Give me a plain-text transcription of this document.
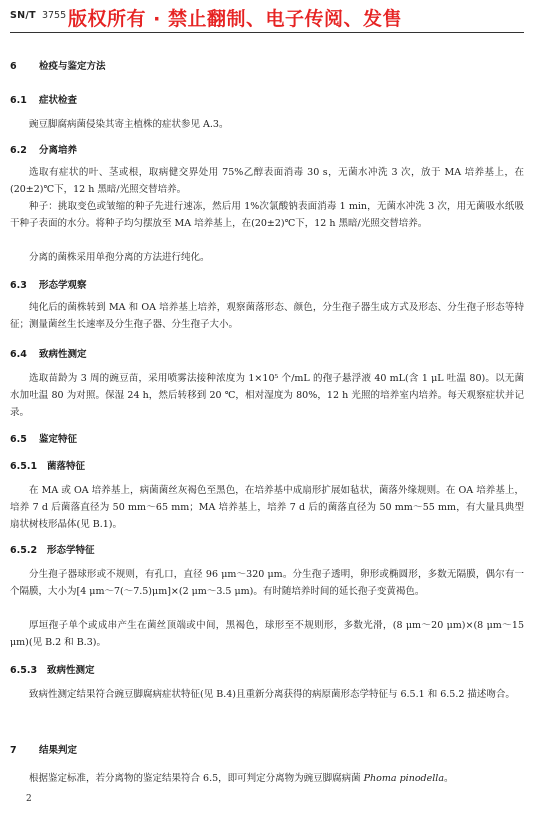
SN/T 3755 版权所有 · 禁止翻制、电子传阅、发售
6 检疫与鉴定方法
6.1 症状检查
豌豆脚腐病菌侵染其寄主植株的症状参见 A.3。
6.2 分离培养
选取有症状的叶、茎或根，取病健交界处用 75%乙醇表面消毒 30 s，无菌水冲洗 3 次，放于 MA 培养基上，在(20±2)℃下，12 h 黑暗/光照交替培养。
种子：挑取变色或皱缩的种子先进行速冻，然后用 1%次氯酸钠表面消毒 1 min，无菌水冲洗 3 次，用无菌吸水纸吸干种子表面的水分。将种子均匀摆放至 MA 培养基上，在(20±2)℃下，12 h 黑暗/光照交替培养。
分离的菌株采用单孢分离的方法进行纯化。
6.3 形态学观察
纯化后的菌株转到 MA 和 OA 培养基上培养，观察菌落形态、颜色，分生孢子器生成方式及形态、分生孢子形态等特征；测量菌丝生长速率及分生孢子器、分生孢子大小。
6.4 致病性测定
选取苗龄为 3 周的豌豆苗，采用喷雾法接种浓度为 1×10⁵ 个/mL 的孢子悬浮液 40 mL(含 1 μL 吐温 80)。以无菌水加吐温 80 为对照。保湿 24 h，然后转移到 20 ℃，相对湿度为 80%，12 h 光照的培养室内培养。每天观察症状并记录。
6.5 鉴定特征
6.5.1 菌落特征
在 MA 或 OA 培养基上，病菌菌丝灰褐色至黑色，在培养基中成扇形扩展如毡状，菌落外缘规则。在 OA 培养基上，培养 7 d 后菌落直径为 50 mm～65 mm；MA 培养基上，培养 7 d 后的菌落直径为 50 mm～55 mm，有大量具典型扇状树枝形晶体(见 B.1)。
6.5.2 形态学特征
分生孢子器球形或不规则，有孔口，直径 96 μm～320 μm。分生孢子透明，卵形或椭圆形，多数无隔膜，偶尔有一个隔膜，大小为[4 μm～7(～7.5)μm]×(2 μm～3.5 μm)。有时随培养时间的延长孢子变黄褐色。
厚垣孢子单个或成串产生在菌丝顶端或中间，黑褐色，球形至不规则形，多数光滑，(8 μm～20 μm)×(8 μm～15 μm)(见 B.2 和 B.3)。
6.5.3 致病性测定
致病性测定结果符合豌豆脚腐病症状特征(见 B.4)且重新分离获得的病原菌形态学特征与 6.5.1 和 6.5.2 描述吻合。
7 结果判定
根据鉴定标准，若分离物的鉴定结果符合 6.5，即可判定分离物为豌豆脚腐病菌 Phoma pinodella。
2
